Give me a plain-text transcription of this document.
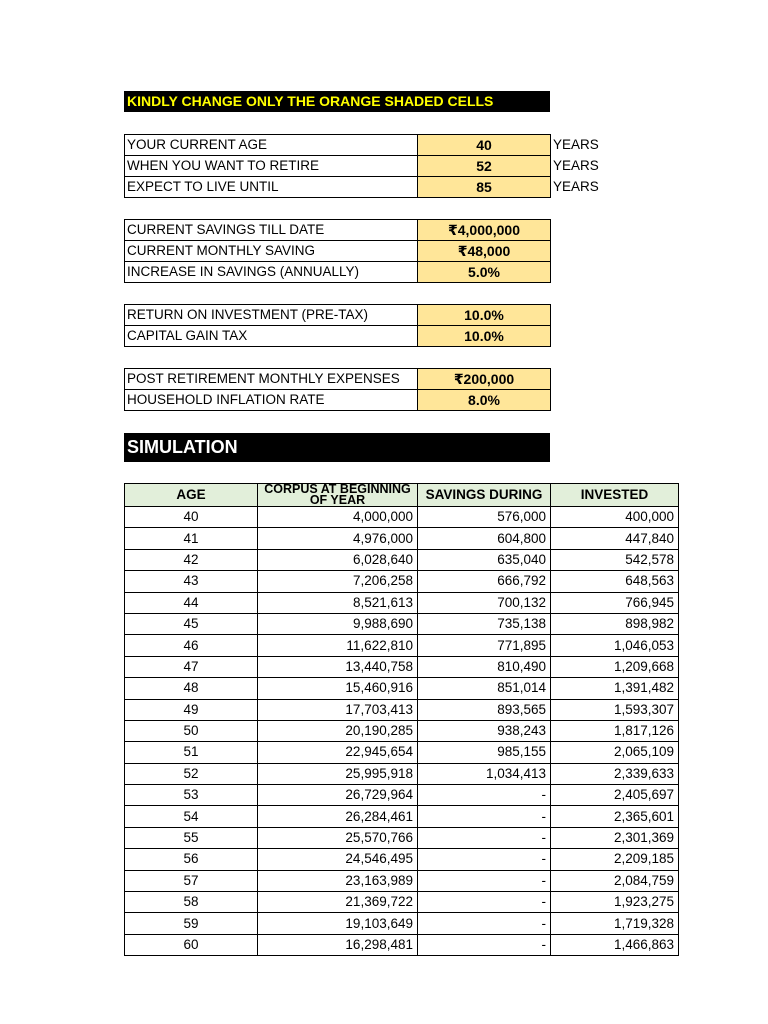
KINDLY CHANGE ONLY THE ORANGE SHADED CELLS
YOUR CURRENT AGE	40	YEARS
WHEN YOU WANT TO RETIRE	52	YEARS
EXPECT TO LIVE UNTIL	85	YEARS
CURRENT SAVINGS TILL DATE	₹4,000,000	
CURRENT MONTHLY SAVING	₹48,000	
INCREASE IN SAVINGS (ANNUALLY)	5.0%	
RETURN ON INVESTMENT (PRE-TAX)	10.0%	
CAPITAL GAIN TAX	10.0%	
POST RETIREMENT MONTHLY EXPENSES	₹200,000	
HOUSEHOLD INFLATION RATE	8.0%	
SIMULATION
AGE	CORPUS AT BEGINNING OF YEAR	SAVINGS DURING	INVESTED
40	4,000,000	576,000	400,000
41	4,976,000	604,800	447,840
42	6,028,640	635,040	542,578
43	7,206,258	666,792	648,563
44	8,521,613	700,132	766,945
45	9,988,690	735,138	898,982
46	11,622,810	771,895	1,046,053
47	13,440,758	810,490	1,209,668
48	15,460,916	851,014	1,391,482
49	17,703,413	893,565	1,593,307
50	20,190,285	938,243	1,817,126
51	22,945,654	985,155	2,065,109
52	25,995,918	1,034,413	2,339,633
53	26,729,964	-	2,405,697
54	26,284,461	-	2,365,601
55	25,570,766	-	2,301,369
56	24,546,495	-	2,209,185
57	23,163,989	-	2,084,759
58	21,369,722	-	1,923,275
59	19,103,649	-	1,719,328
60	16,298,481	-	1,466,863
